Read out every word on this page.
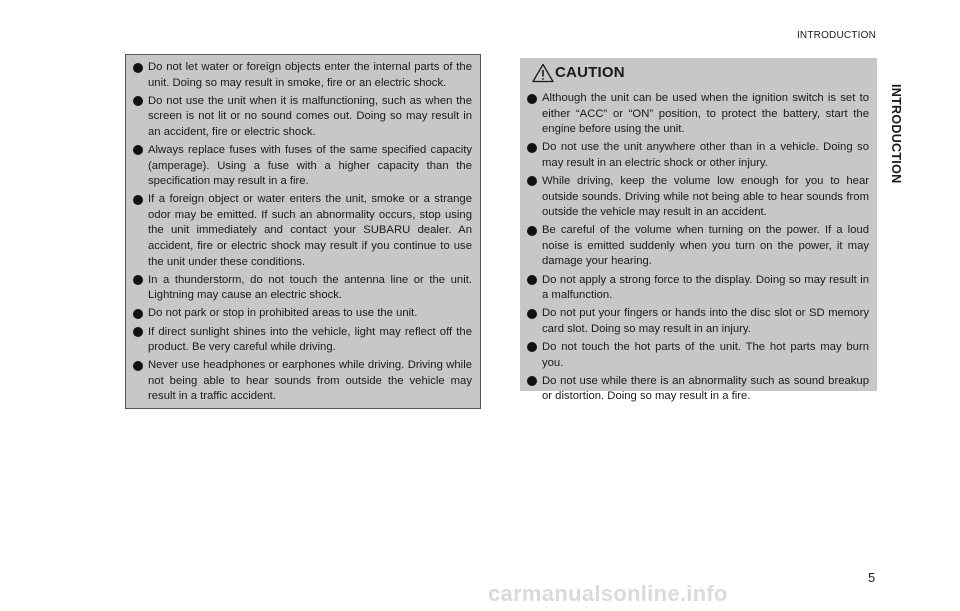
INTRODUCTION
INTRODUCTION
Do not let water or foreign objects enter the internal parts of the unit. Doing so may result in smoke, fire or an electric shock.
Do not use the unit when it is malfunctioning, such as when the screen is not lit or no sound comes out. Doing so may result in an accident, fire or electric shock.
Always replace fuses with fuses of the same specified capacity (amperage). Using a fuse with a higher capacity than the specification may result in a fire.
If a foreign object or water enters the unit, smoke or a strange odor may be emitted. If such an abnormality occurs, stop using the unit immediately and contact your SUBARU dealer. An accident, fire or electric shock may result if you continue to use the unit under these conditions.
In a thunderstorm, do not touch the antenna line or the unit. Lightning may cause an electric shock.
Do not park or stop in prohibited areas to use the unit.
If direct sunlight shines into the vehicle, light may reflect off the product. Be very careful while driving.
Never use headphones or earphones while driving. Driving while not being able to hear sounds from outside the vehicle may result in a traffic accident.
CAUTION
Although the unit can be used when the ignition switch is set to either “ACC” or “ON” position, to protect the battery, start the engine before using the unit.
Do not use the unit anywhere other than in a vehicle. Doing so may result in an electric shock or other injury.
While driving, keep the volume low enough for you to hear outside sounds. Driving while not being able to hear sounds from outside the vehicle may result in an accident.
Be careful of the volume when turning on the power. If a loud noise is emitted suddenly when you turn on the power, it may damage your hearing.
Do not apply a strong force to the display. Doing so may result in a malfunction.
Do not put your fingers or hands into the disc slot or SD memory card slot. Doing so may result in an injury.
Do not touch the hot parts of the unit. The hot parts may burn you.
Do not use while there is an abnormality such as sound breakup or distortion. Doing so may result in a fire.
5
carmanualsonline.info
